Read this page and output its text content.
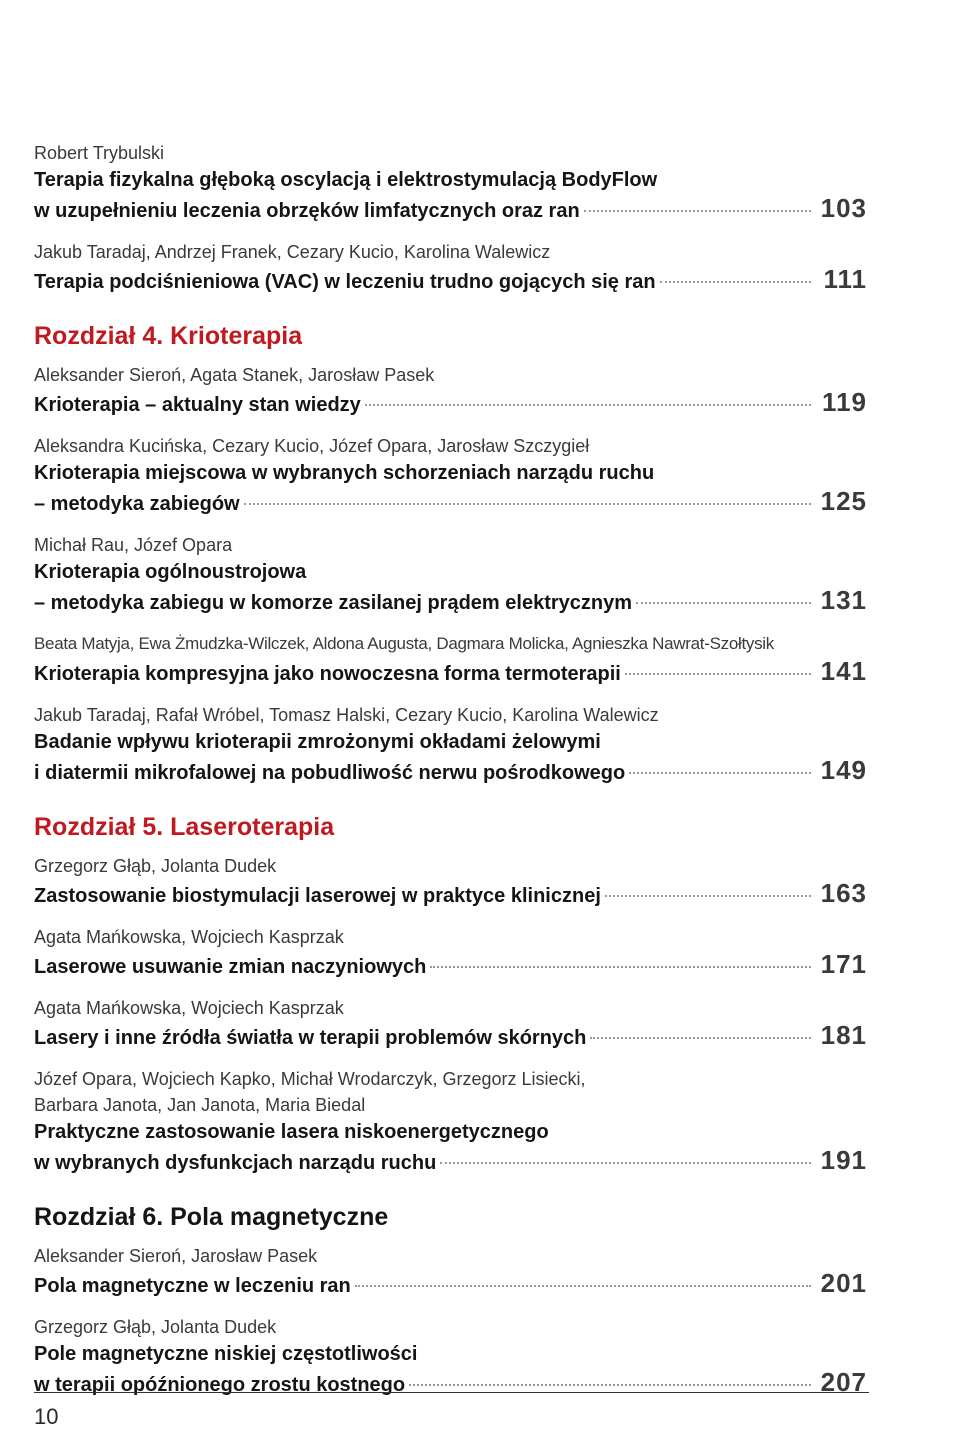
Robert Trybulski

Terapia fizykalna głęboką oscylacją i elektrostymulacją BodyFlow

w uzupełnieniu leczenia obrzęków limfatycznych oraz ran	103

Jakub Taradaj, Andrzej Franek, Cezary Kucio, Karolina Walewicz

Terapia podciśnieniowa (VAC) w leczeniu trudno gojących się ran	111
Rozdział 4. Krioterapia

Aleksander Sieroń, Agata Stanek, Jarosław Pasek

Krioterapia – aktualny stan wiedzy	119

Aleksandra Kucińska, Cezary Kucio, Józef Opara, Jarosław Szczygieł

Krioterapia miejscowa w wybranych schorzeniach narządu ruchu

– metodyka zabiegów	125

Michał Rau, Józef Opara

Krioterapia ogólnoustrojowa

– metodyka zabiegu w komorze zasilanej prądem elektrycznym	131

Beata Matyja, Ewa Żmudzka-Wilczek, Aldona Augusta, Dagmara Molicka, Agnieszka Nawrat-Szołtysik

Krioterapia kompresyjna jako nowoczesna forma termoterapii	141

Jakub Taradaj, Rafał Wróbel, Tomasz Halski, Cezary Kucio, Karolina Walewicz

Badanie wpływu krioterapii zmrożonymi okładami żelowymi

i diatermii mikrofalowej na pobudliwość nerwu pośrodkowego	149
Rozdział 5. Laseroterapia

Grzegorz Głąb, Jolanta Dudek

Zastosowanie biostymulacji laserowej w praktyce klinicznej	163

Agata Mańkowska, Wojciech Kasprzak

Laserowe usuwanie zmian naczyniowych	171

Agata Mańkowska, Wojciech Kasprzak

Lasery i inne źródła światła w terapii problemów skórnych	181

Józef Opara, Wojciech Kapko, Michał Wrodarczyk, Grzegorz Lisiecki,

Barbara Janota, Jan Janota, Maria Biedal

Praktyczne zastosowanie lasera niskoenergetycznego

w wybranych dysfunkcjach narządu ruchu	191
Rozdział 6. Pola magnetyczne

Aleksander Sieroń, Jarosław Pasek

Pola magnetyczne w leczeniu ran	201

Grzegorz Głąb, Jolanta Dudek

Pole magnetyczne niskiej częstotliwości

w terapii opóźnionego zrostu kostnego	207
10
